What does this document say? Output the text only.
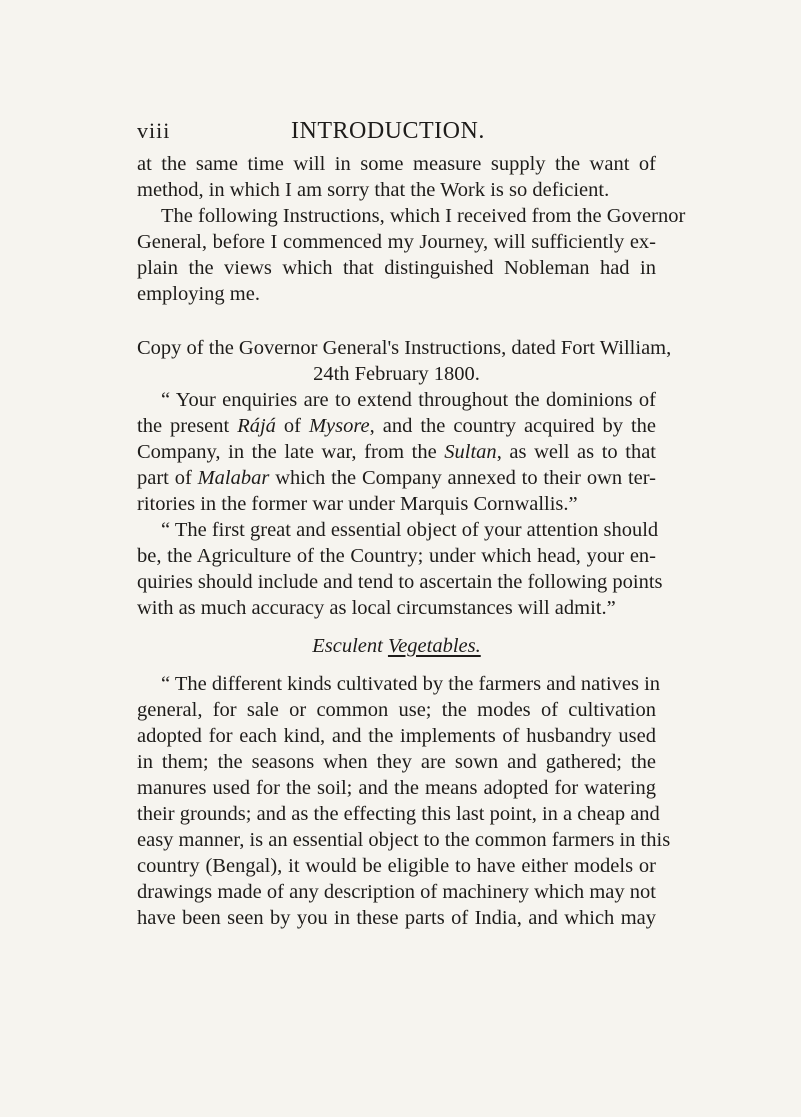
viii	INTRODUCTION.
at the same time will in some measure supply the want of
method, in which I am sorry that the Work is so deficient.
The following Instructions, which I received from the Governor
General, before I commenced my Journey, will sufficiently ex-
plain the views which that distinguished Nobleman had in
employing me.
Copy of the Governor General's Instructions, dated Fort William,
24th February 1800.
“ Your enquiries are to extend throughout the dominions of
the present Rájá of Mysore, and the country acquired by the
Company, in the late war, from the Sultan, as well as to that
part of Malabar which the Company annexed to their own ter-
ritories in the former war under Marquis Cornwallis.”
“ The first great and essential object of your attention should
be, the Agriculture of the Country; under which head, your en-
quiries should include and tend to ascertain the following points
with as much accuracy as local circumstances will admit.”
Esculent Vegetables.
“ The different kinds cultivated by the farmers and natives in
general, for sale or common use; the modes of cultivation
adopted for each kind, and the implements of husbandry used
in them; the seasons when they are sown and gathered; the
manures used for the soil; and the means adopted for watering
their grounds; and as the effecting this last point, in a cheap and
easy manner, is an essential object to the common farmers in this
country (Bengal), it would be eligible to have either models or
drawings made of any description of machinery which may not
have been seen by you in these parts of India, and which may
